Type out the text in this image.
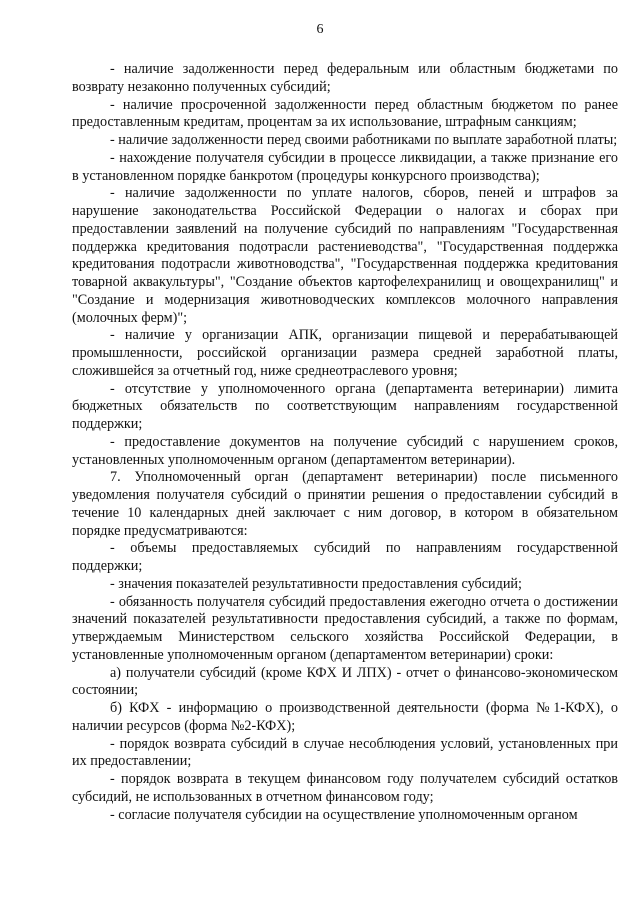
6

- наличие задолженности перед федеральным или областным бюджетами по возврату незаконно полученных субсидий;

- наличие просроченной задолженности перед областным бюджетом по ранее предоставленным кредитам, процентам за их использование, штрафным санкциям;

- наличие задолженности перед своими работниками по выплате заработной платы;

- нахождение получателя субсидии в процессе ликвидации, а также признание его в установленном порядке банкротом (процедуры конкурсного производства);

- наличие задолженности по уплате налогов, сборов, пеней и штрафов за нарушение законодательства Российской Федерации о налогах и сборах при предоставлении заявлений на получение субсидий по направлениям "Государственная поддержка кредитования подотрасли растениеводства", "Государственная поддержка кредитования подотрасли животноводства", "Государственная поддержка кредитования товарной аквакультуры", "Создание объектов картофелехранилищ и овощехранилищ" и "Создание и модернизация животноводческих комплексов молочного направления (молочных ферм)";

- наличие у организации АПК, организации пищевой и перерабатывающей промышленности, российской организации размера средней заработной платы, сложившейся за отчетный год, ниже среднеотраслевого уровня;

- отсутствие у уполномоченного органа (департамента ветеринарии) лимита бюджетных обязательств по соответствующим направлениям государственной поддержки;

- предоставление документов на получение субсидий с нарушением сроков, установленных уполномоченным органом (департаментом ветеринарии).

7. Уполномоченный орган (департамент ветеринарии) после письменного уведомления получателя субсидий о принятии решения о предоставлении субсидий в течение 10 календарных дней заключает с ним договор, в котором в обязательном порядке предусматриваются:

- объемы предоставляемых субсидий по направлениям государственной поддержки;

- значения показателей результативности предоставления субсидий;

- обязанность получателя субсидий предоставления ежегодно отчета о достижении значений показателей результативности предоставления субсидий, а также по формам, утверждаемым Министерством сельского хозяйства Российской Федерации, в установленные уполномоченным органом (департаментом ветеринарии) сроки:

а) получатели субсидий (кроме КФХ И ЛПХ) - отчет о финансово-экономическом состоянии;

б) КФХ - информацию о производственной деятельности (форма №1-КФХ), о наличии ресурсов (форма №2-КФХ);

- порядок возврата субсидий в случае несоблюдения условий, установленных при их предоставлении;

- порядок возврата в текущем финансовом году получателем субсидий остатков субсидий, не использованных в отчетном финансовом году;

- согласие получателя субсидии на осуществление уполномоченным органом
